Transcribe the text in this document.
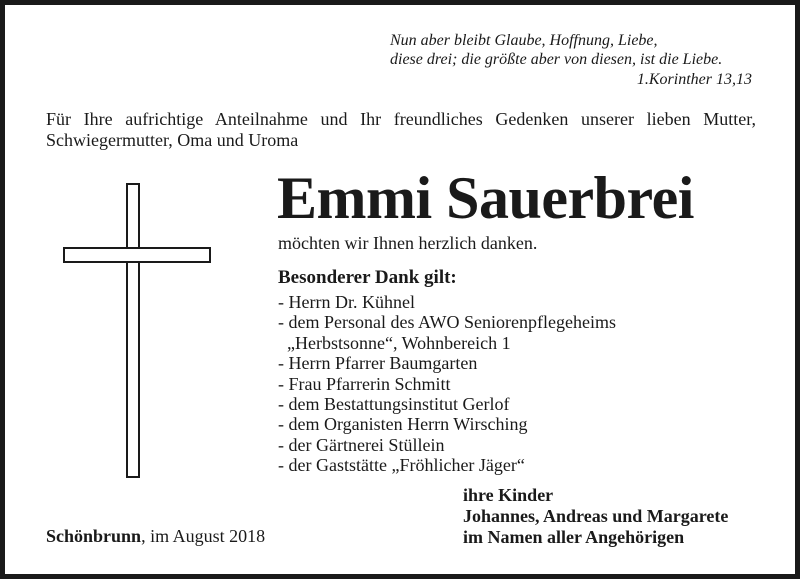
Nun aber bleibt Glaube, Hoffnung, Liebe,
diese drei; die größte aber von diesen, ist die Liebe.
1.Korinther 13,13
Für Ihre aufrichtige Anteilnahme und Ihr freundliches Gedenken unserer lieben Mutter, Schwiegermutter, Oma und Uroma
Emmi Sauerbrei
möchten wir Ihnen herzlich danken.
Besonderer Dank gilt:
- Herrn Dr. Kühnel
- dem Personal des AWO Seniorenpflegeheims
„Herbstsonne“, Wohnbereich 1
- Herrn Pfarrer Baumgarten
- Frau Pfarrerin Schmitt
- dem Bestattungsinstitut Gerlof
- dem Organisten Herrn Wirsching
- der Gärtnerei Stüllein
- der Gaststätte „Fröhlicher Jäger“
ihre Kinder
Johannes, Andreas und Margarete
im Namen aller Angehörigen
Schönbrunn, im August 2018
